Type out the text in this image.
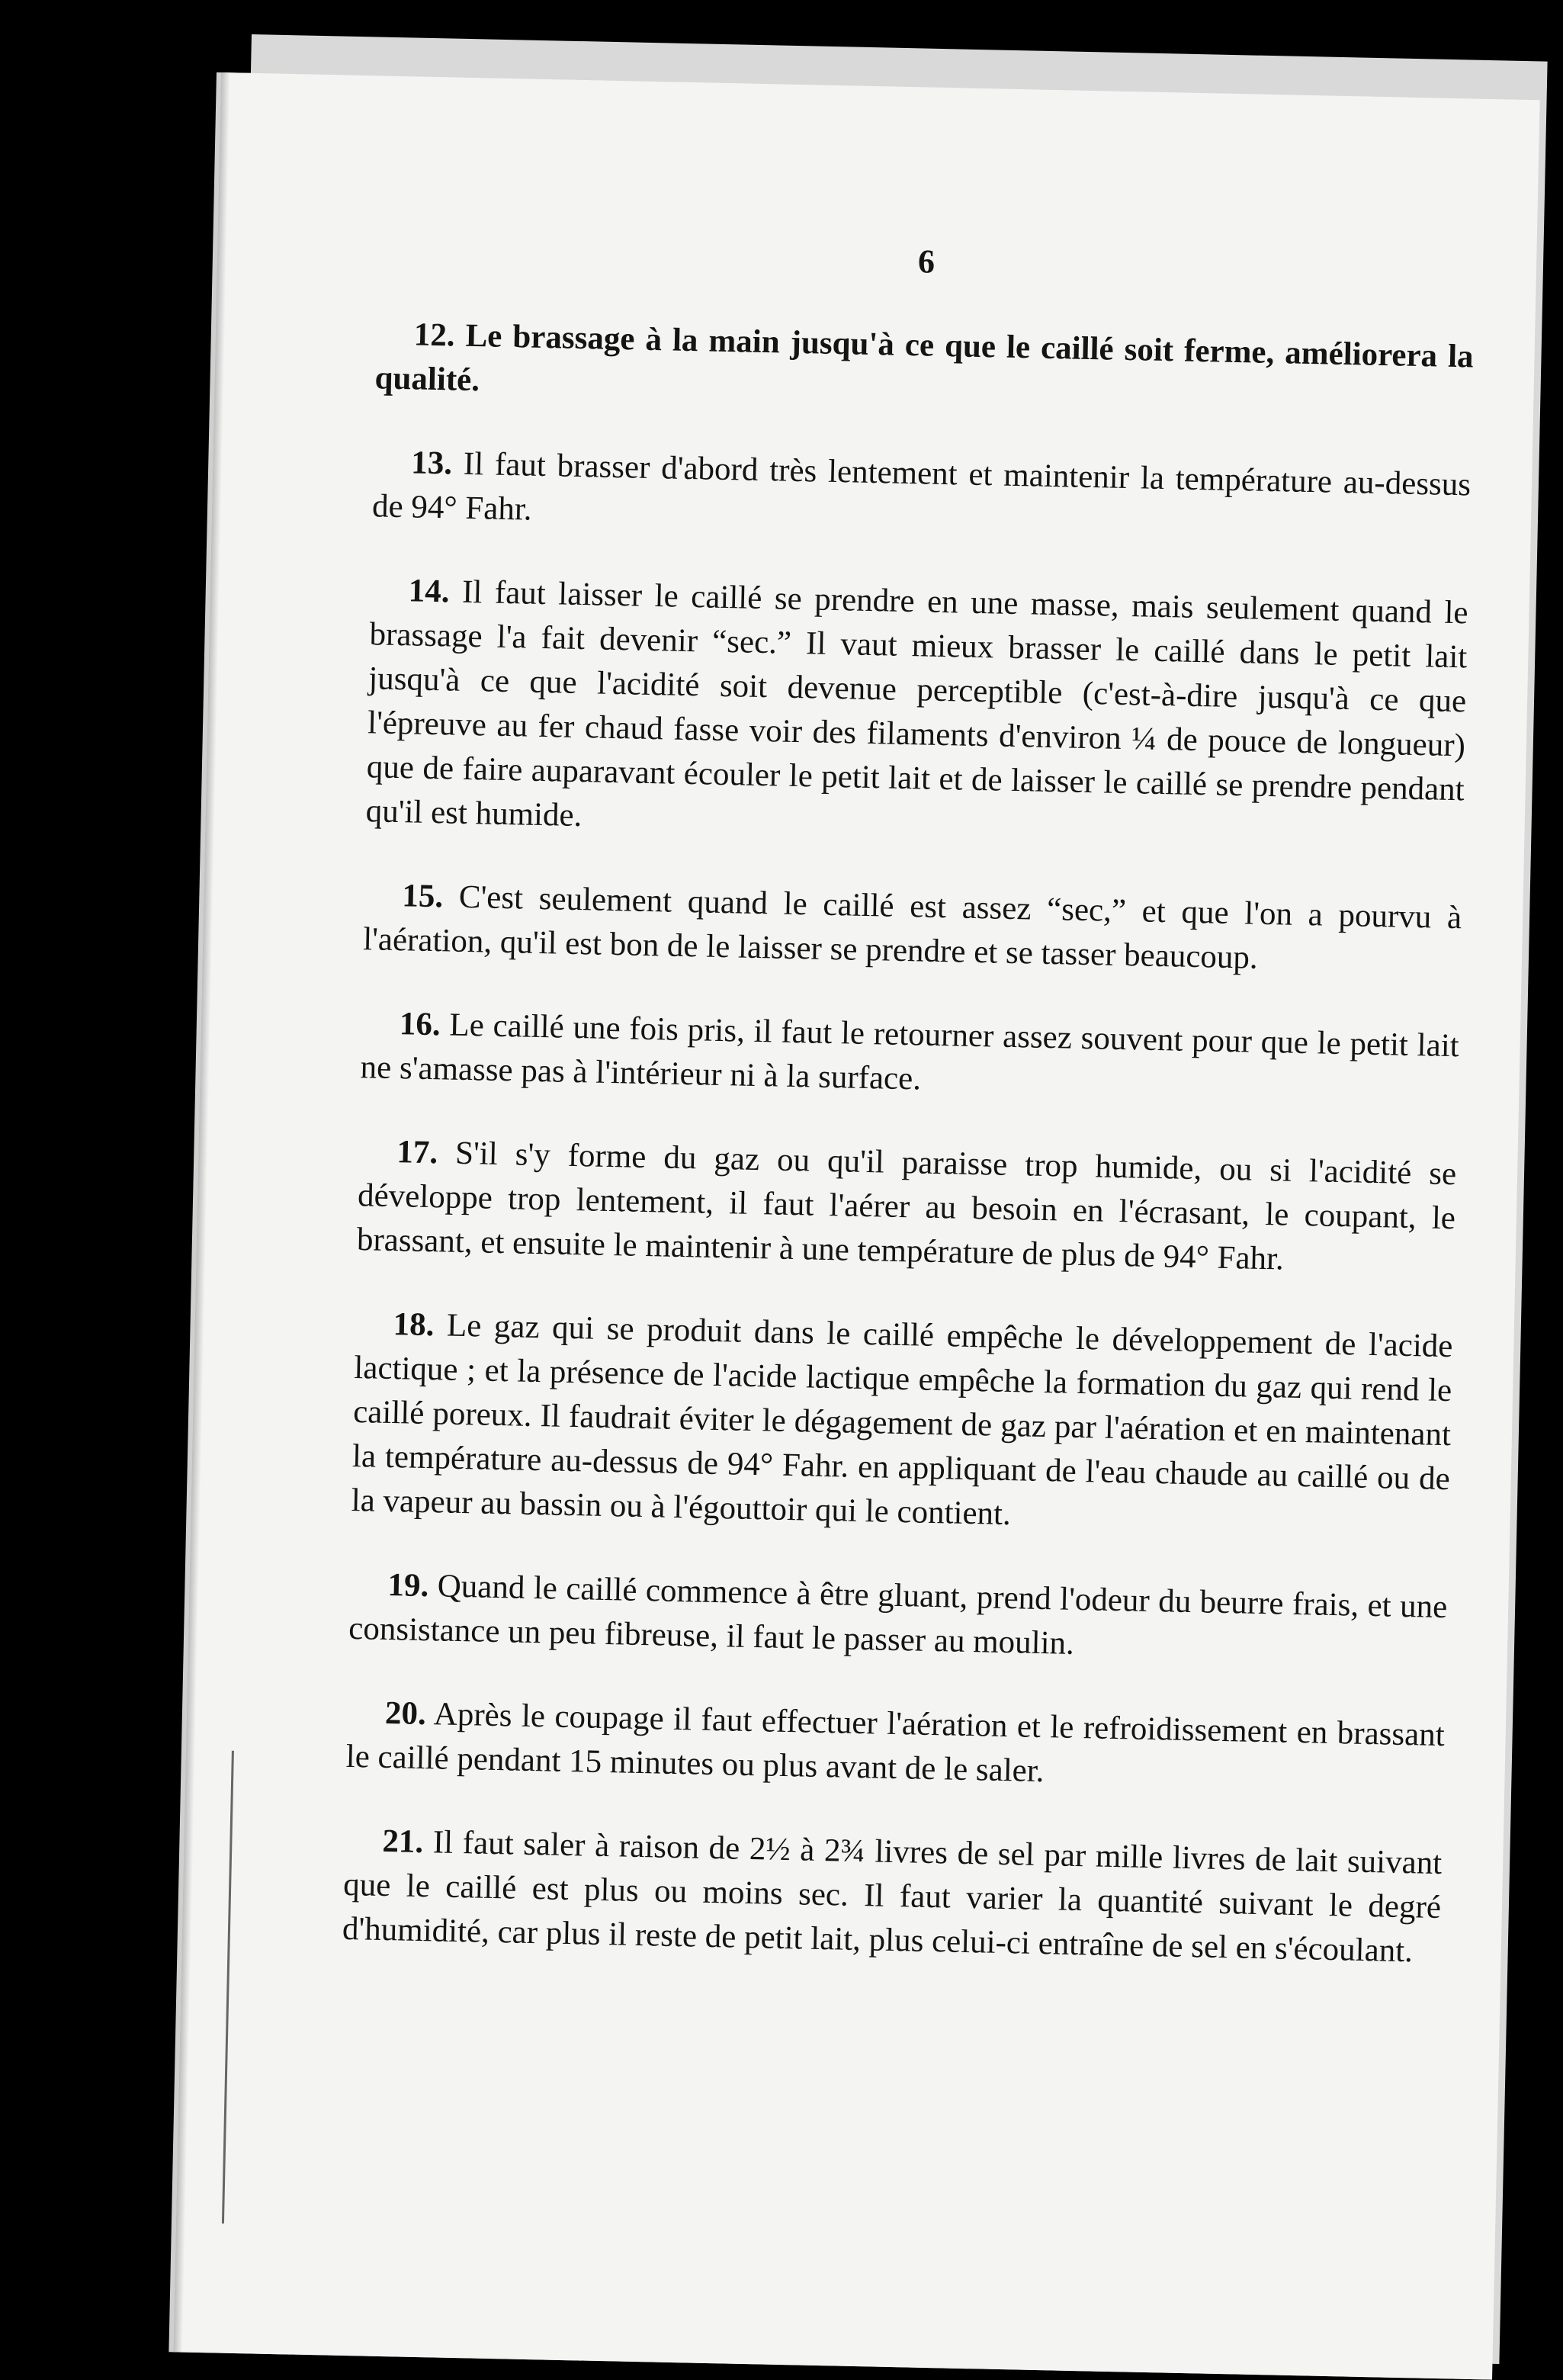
6

12. Le brassage à la main jusqu'à ce que le caillé soit ferme, améliorera la qualité.

13. Il faut brasser d'abord très lentement et maintenir la température au-dessus de 94° Fahr.

14. Il faut laisser le caillé se prendre en une masse, mais seulement quand le brassage l'a fait devenir “sec.” Il vaut mieux brasser le caillé dans le petit lait jusqu'à ce que l'acidité soit devenue perceptible (c'est-à-dire jusqu'à ce que l'épreuve au fer chaud fasse voir des filaments d'environ ¼ de pouce de longueur) que de faire auparavant écouler le petit lait et de laisser le caillé se prendre pendant qu'il est humide.

15. C'est seulement quand le caillé est assez “sec,” et que l'on a pourvu à l'aération, qu'il est bon de le laisser se prendre et se tasser beaucoup.

16. Le caillé une fois pris, il faut le retourner assez souvent pour que le petit lait ne s'amasse pas à l'intérieur ni à la surface.

17. S'il s'y forme du gaz ou qu'il paraisse trop humide, ou si l'acidité se développe trop lentement, il faut l'aérer au besoin en l'écrasant, le coupant, le brassant, et ensuite le maintenir à une température de plus de 94° Fahr.

18. Le gaz qui se produit dans le caillé empêche le développement de l'acide lactique ; et la présence de l'acide lactique empêche la formation du gaz qui rend le caillé poreux. Il faudrait éviter le dégagement de gaz par l'aération et en maintenant la température au-dessus de 94° Fahr. en appliquant de l'eau chaude au caillé ou de la vapeur au bassin ou à l'égouttoir qui le contient.

19. Quand le caillé commence à être gluant, prend l'odeur du beurre frais, et une consistance un peu fibreuse, il faut le passer au moulin.

20. Après le coupage il faut effectuer l'aération et le refroidissement en brassant le caillé pendant 15 minutes ou plus avant de le saler.

21. Il faut saler à raison de 2½ à 2¾ livres de sel par mille livres de lait suivant que le caillé est plus ou moins sec. Il faut varier la quantité suivant le degré d'humidité, car plus il reste de petit lait, plus celui-ci entraîne de sel en s'écoulant.
